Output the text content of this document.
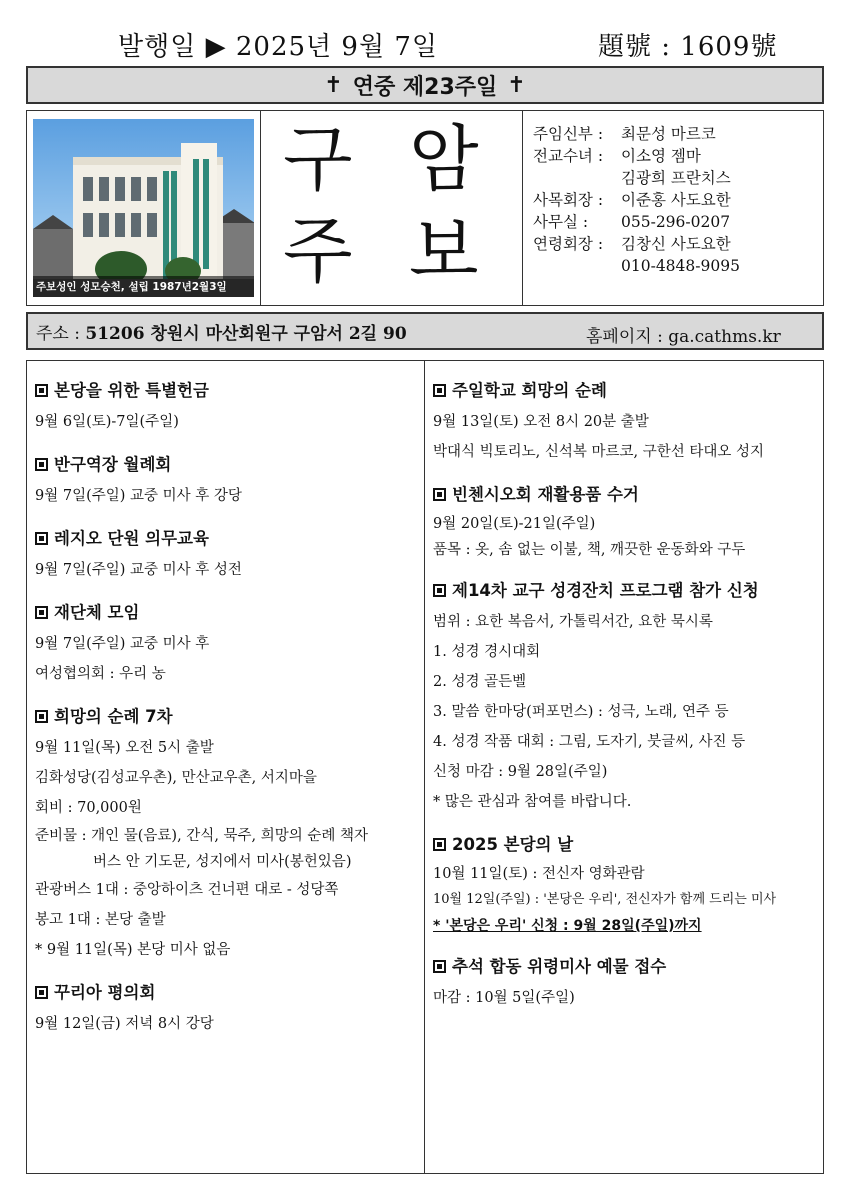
발행일 ▶ 2025년 9월 7일	題號 : 1609號
✝ 연중 제23주일 ✝
주보성인 성모승천, 설립 1987년2월3일
구 암
주 보
주임신부 : 최문성 마르코
전교수녀 : 이소영 젬마
김광희 프란치스
사목회장 : 이준홍 사도요한
사무실 : 055-296-0207
연령회장 : 김창신 사도요한
010-4848-9095
주소 : 51206 창원시 마산회원구 구암서 2길 90	홈페이지 : ga.cathms.kr
본당을 위한 특별헌금
9월 6일(토)-7일(주일)
반구역장 월례회
9월 7일(주일) 교중 미사 후 강당
레지오 단원 의무교육
9월 7일(주일) 교중 미사 후 성전
재단체 모임
9월 7일(주일) 교중 미사 후
여성협의회 : 우리 농
희망의 순례 7차
9월 11일(목) 오전 5시 출발
김화성당(김성교우촌), 만산교우촌, 서지마을
회비 : 70,000원
준비물 : 개인 물(음료), 간식, 묵주, 희망의 순례 책자
버스 안 기도문, 성지에서 미사(봉헌있음)
관광버스 1대 : 중앙하이츠 건너편 대로 - 성당쪽
봉고 1대 : 본당 출발
* 9월 11일(목) 본당 미사 없음
꾸리아 평의회
9월 12일(금) 저녁 8시 강당
주일학교 희망의 순례
9월 13일(토) 오전 8시 20분 출발
박대식 빅토리노, 신석복 마르코, 구한선 타대오 성지
빈첸시오회 재활용품 수거
9월 20일(토)-21일(주일)
품목 : 옷, 솜 없는 이불, 책, 깨끗한 운동화와 구두
제14차 교구 성경잔치 프로그램 참가 신청
범위 : 요한 복음서, 가톨릭서간, 요한 묵시록
1. 성경 경시대회
2. 성경 골든벨
3. 말씀 한마당(퍼포먼스) : 성극, 노래, 연주 등
4. 성경 작품 대회 : 그림, 도자기, 붓글씨, 사진 등
신청 마감 : 9월 28일(주일)
* 많은 관심과 참여를 바랍니다.
2025 본당의 날
10월 11일(토) : 전신자 영화관람
10월 12일(주일) : '본당은 우리', 전신자가 함께 드리는 미사
* '본당은 우리' 신청 : 9월 28일(주일)까지
추석 합동 위령미사 예물 접수
마감 : 10월 5일(주일)
